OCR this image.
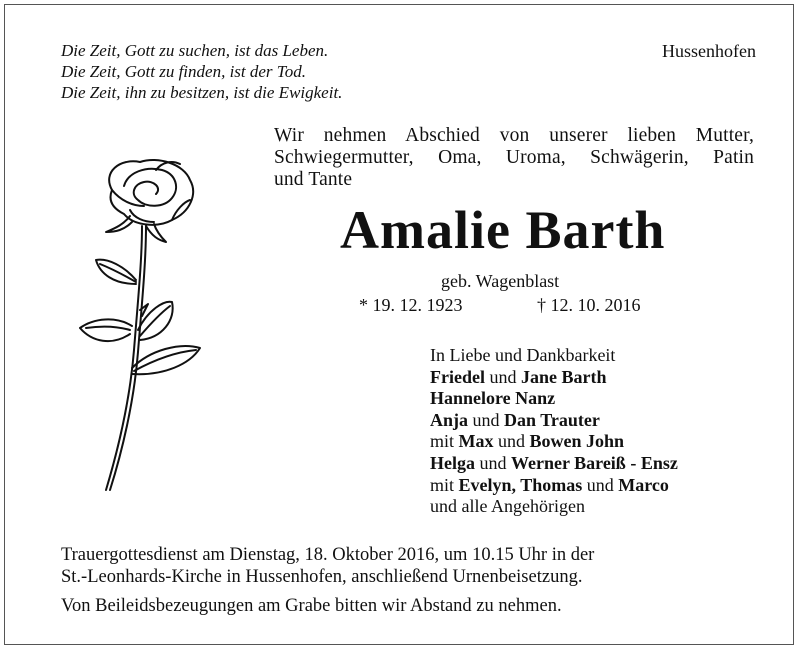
Die Zeit, Gott zu suchen, ist das Leben.
Die Zeit, Gott zu finden, ist der Tod.
Die Zeit, ihn zu besitzen, ist die Ewigkeit.
Hussenhofen
Wir nehmen Abschied von unserer lieben Mutter,
Schwiegermutter, Oma, Uroma, Schwägerin, Patin
und Tante
Amalie Barth
geb. Wagenblast
* 19. 12. 1923	† 12. 10. 2016
In Liebe und Dankbarkeit
Friedel und Jane Barth
Hannelore Nanz
Anja und Dan Trauter
mit Max und Bowen John
Helga und Werner Bareiß - Ensz
mit Evelyn, Thomas und Marco
und alle Angehörigen
Trauergottesdienst am Dienstag, 18. Oktober 2016, um 10.15 Uhr in der
St.-Leonhards-Kirche in Hussenhofen, anschließend Urnenbeisetzung.
Von Beileidsbezeugungen am Grabe bitten wir Abstand zu nehmen.
